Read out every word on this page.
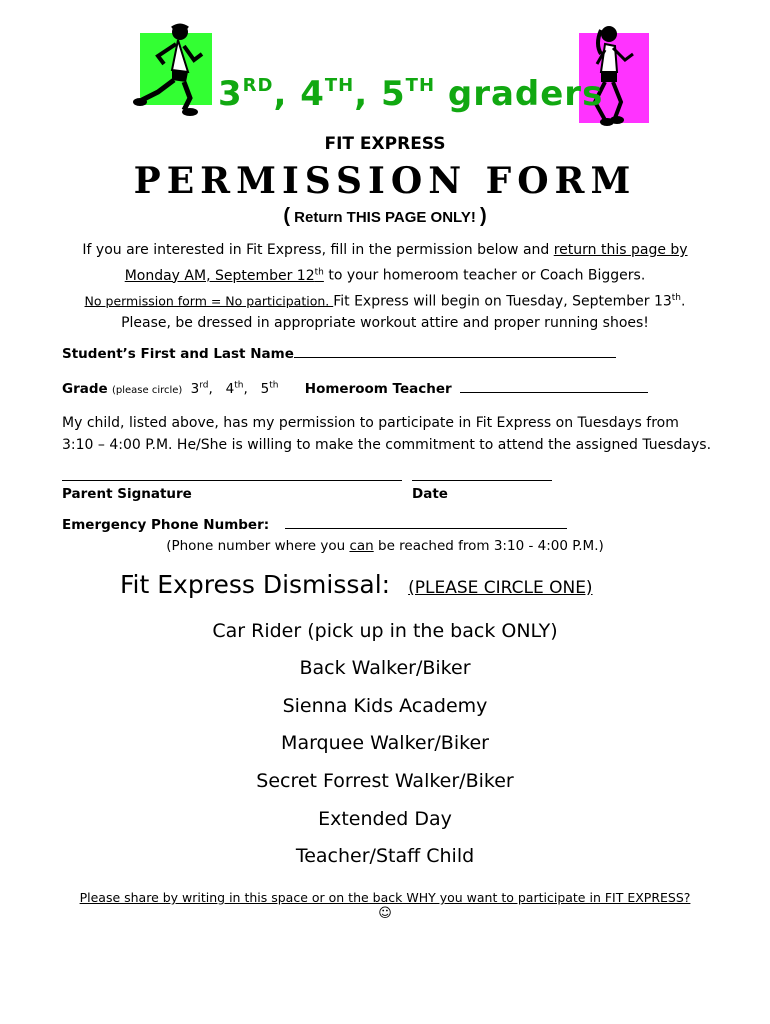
3RD, 4TH, 5TH graders
FIT EXPRESS
PERMISSION FORM
( Return THIS PAGE ONLY! )
If you are interested in Fit Express, fill in the permission below and return this page by
Monday AM, September 12th to your homeroom teacher or Coach Biggers.
No permission form = No participation. Fit Express will begin on Tuesday, September 13th.
Please, be dressed in appropriate workout attire and proper running shoes!
Student’s First and Last Name
Grade (please circle) 3rd,   4th,   5th Homeroom Teacher
My child, listed above, has my permission to participate in Fit Express on Tuesdays from
3:10 – 4:00 P.M. He/She is willing to make the commitment to attend the assigned Tuesdays.
Parent Signature	Date
Emergency Phone Number:
(Phone number where you can be reached from 3:10 - 4:00 P.M.)
Fit Express Dismissal: (PLEASE CIRCLE ONE)
Car Rider (pick up in the back ONLY)
Back Walker/Biker
Sienna Kids Academy
Marquee Walker/Biker
Secret Forrest Walker/Biker
Extended Day
Teacher/Staff Child
Please share by writing in this space or on the back WHY you want to participate in FIT EXPRESS?
☺
